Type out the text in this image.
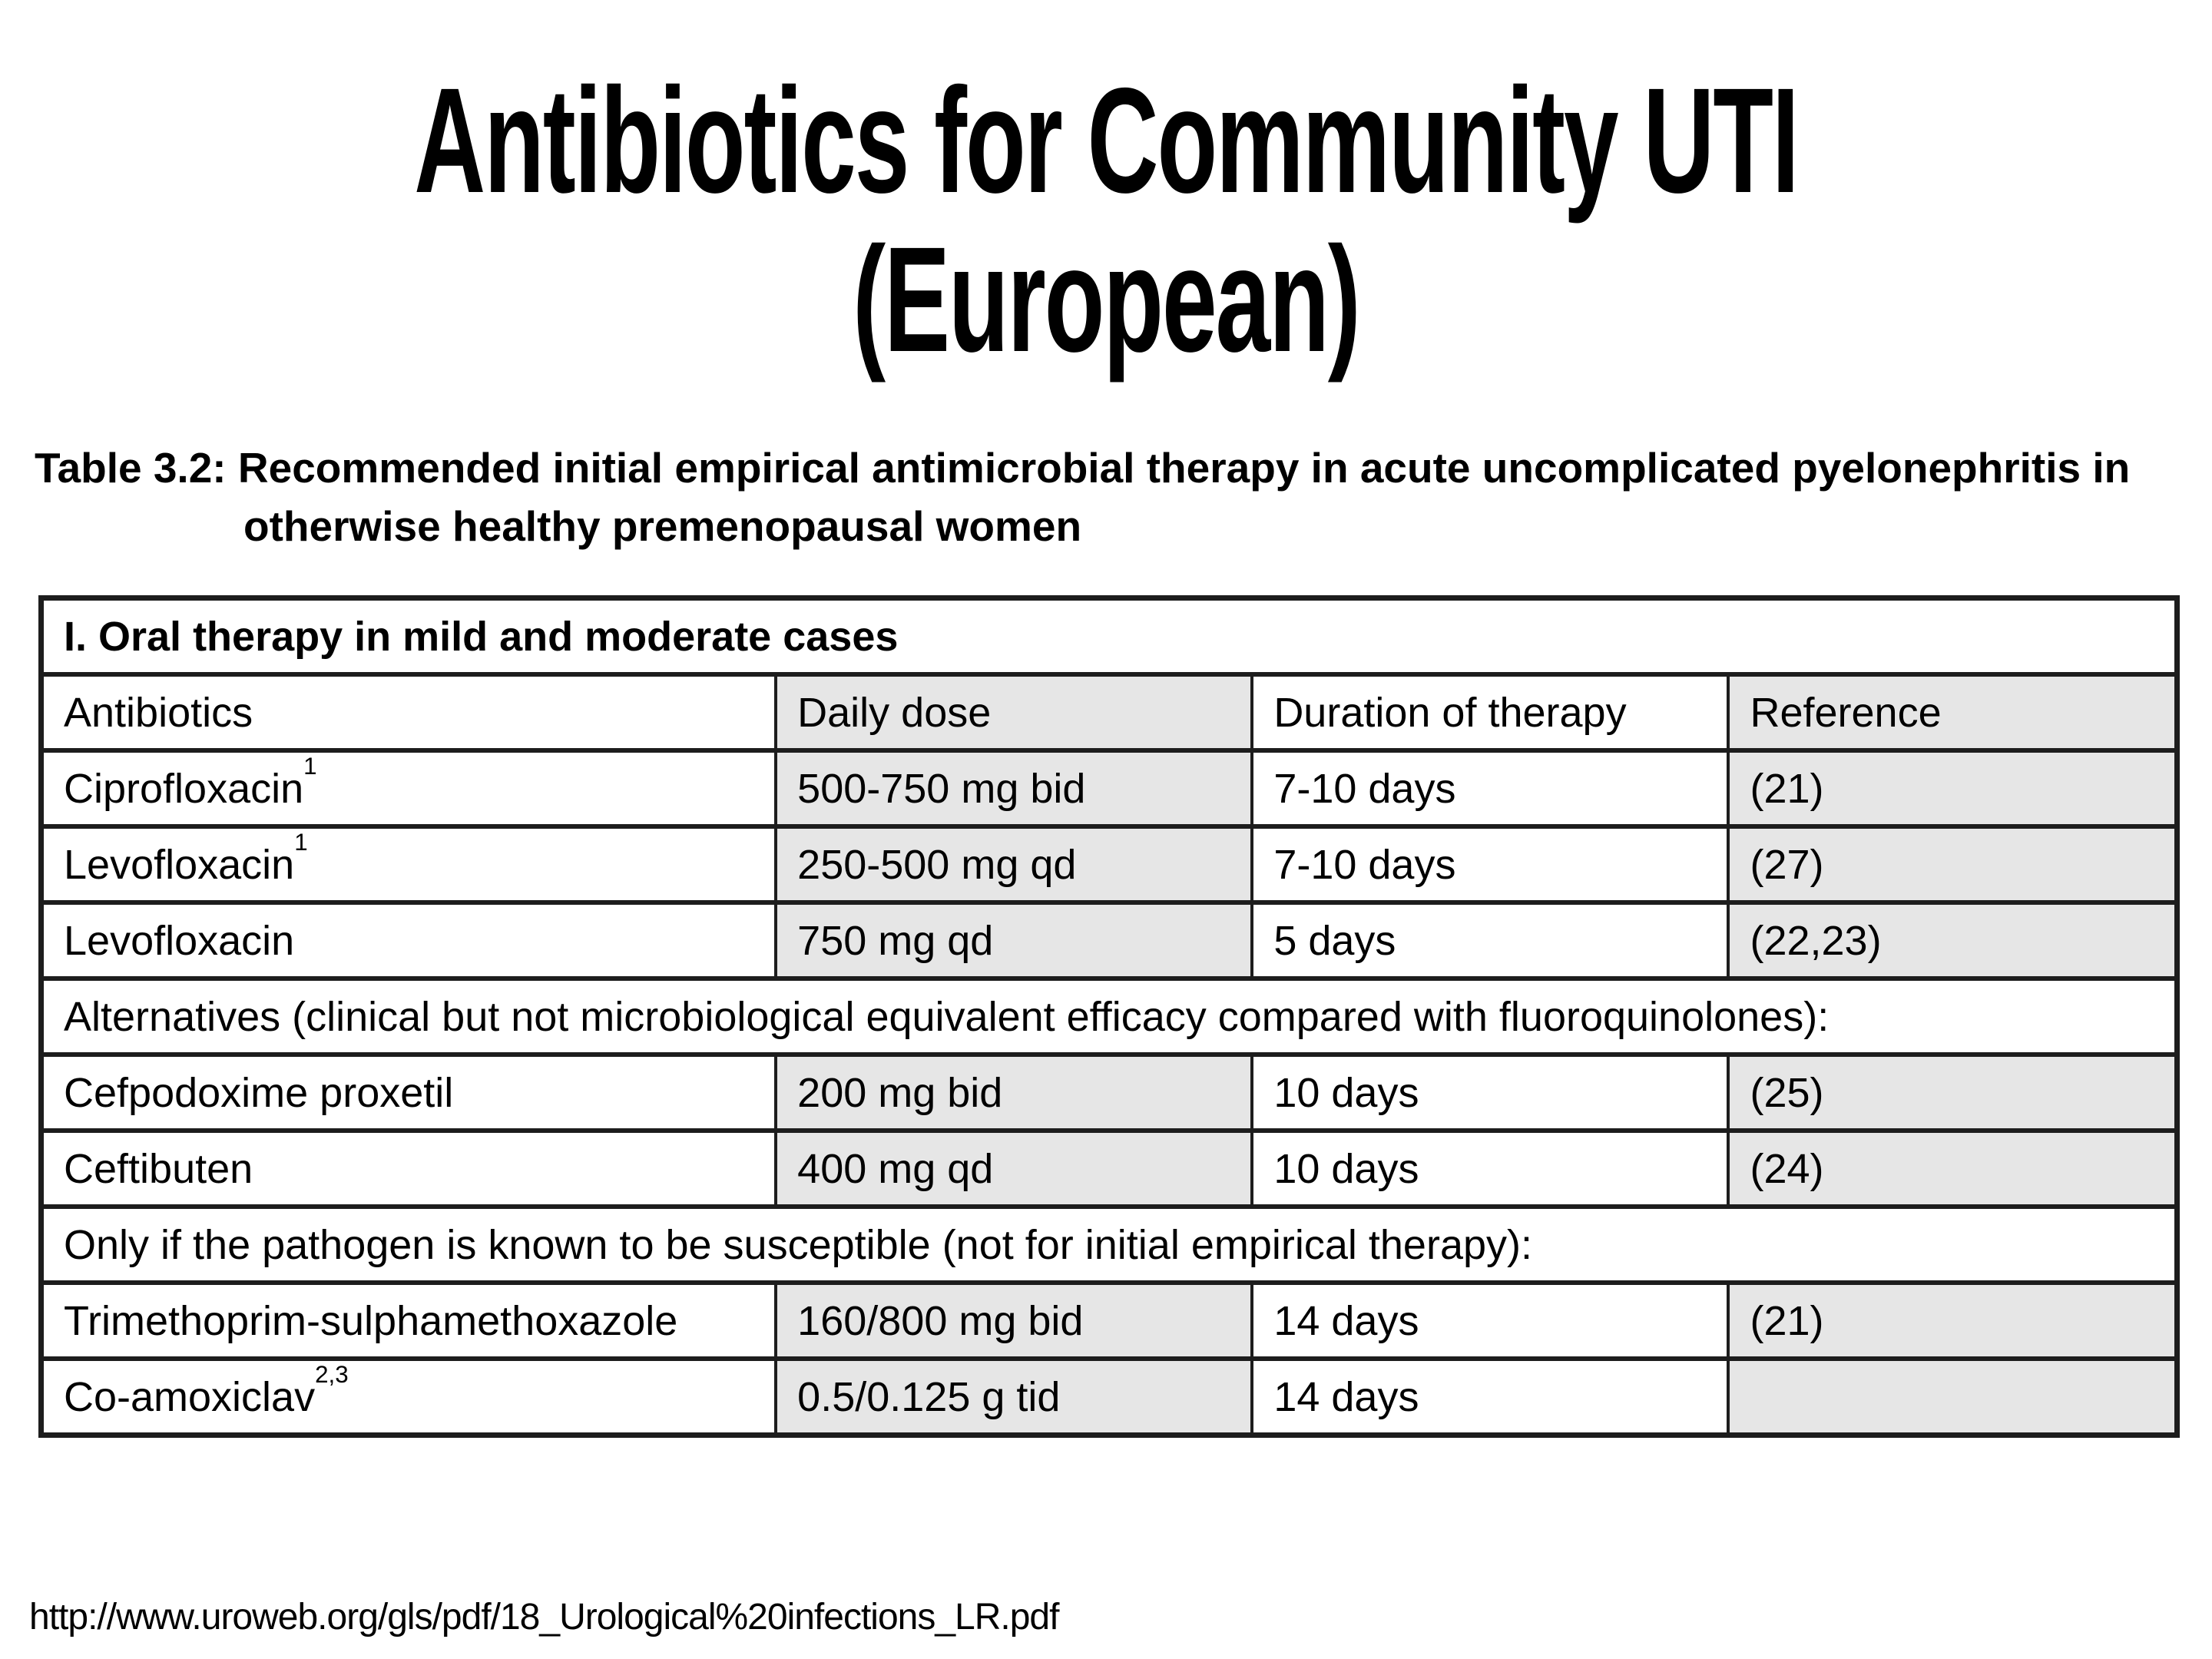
Antibiotics for Community UTI
(European)
Table 3.2: Recommended initial empirical antimicrobial therapy in acute uncomplicated pyelonephritis in
otherwise healthy premenopausal women
I. Oral therapy in mild and moderate cases			
Antibiotics	Daily dose	Duration of therapy	Reference
Ciprofloxacin$^1$	500-750 mg bid	7-10 days	(21)
Levofloxacin$^1$	250-500 mg qd	7-10 days	(27)
Levofloxacin	750 mg qd	5 days	(22,23)
Alternatives (clinical but not microbiological equivalent efficacy compared with fluoroquinolones):			
Cefpodoxime proxetil	200 mg bid	10 days	(25)
Ceftibuten	400 mg qd	10 days	(24)
Only if the pathogen is known to be susceptible (not for initial empirical therapy):			
Trimethoprim-sulphamethoxazole	160/800 mg bid	14 days	(21)
Co-amoxiclav$^{2,3}$	0.5/0.125 g tid	14 days	
http://www.uroweb.org/gls/pdf/18_Urological%20infections_LR.pdf
